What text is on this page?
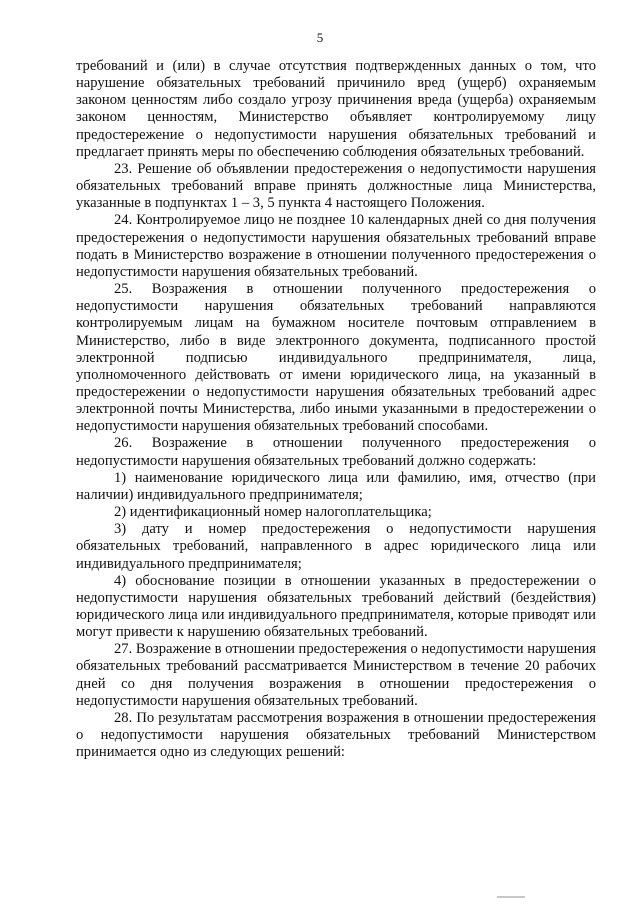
5

требований и (или) в случае отсутствия подтвержденных данных о том, что нарушение обязательных требований причинило вред (ущерб) охраняемым законом ценностям либо создало угрозу причинения вреда (ущерба) охраняемым законом ценностям, Министерство объявляет контролируемому лицу предостережение о недопустимости нарушения обязательных требований и предлагает принять меры по обеспечению соблюдения обязательных требований.

23. Решение об объявлении предостережения о недопустимости нарушения обязательных требований вправе принять должностные лица Министерства, указанные в подпунктах 1 – 3, 5 пункта 4 настоящего Положения.

24. Контролируемое лицо не позднее 10 календарных дней со дня получения предостережения о недопустимости нарушения обязательных требований вправе подать в Министерство возражение в отношении полученного предостережения о недопустимости нарушения обязательных требований.

25. Возражения в отношении полученного предостережения о недопустимости нарушения обязательных требований направляются контролируемым лицам на бумажном носителе почтовым отправлением в Министерство, либо в виде электронного документа, подписанного простой электронной подписью индивидуального предпринимателя, лица, уполномоченного действовать от имени юридического лица, на указанный в предостережении о недопустимости нарушения обязательных требований адрес электронной почты Министерства, либо иными указанными в предостережении о недопустимости нарушения обязательных требований способами.

26. Возражение в отношении полученного предостережения о недопустимости нарушения обязательных требований должно содержать:

1) наименование юридического лица или фамилию, имя, отчество (при наличии) индивидуального предпринимателя;

2) идентификационный номер налогоплательщика;

3) дату и номер предостережения о недопустимости нарушения обязательных требований, направленного в адрес юридического лица или индивидуального предпринимателя;

4) обоснование позиции в отношении указанных в предостережении о недопустимости нарушения обязательных требований действий (бездействия) юридического лица или индивидуального предпринимателя, которые приводят или могут привести к нарушению обязательных требований.

27. Возражение в отношении предостережения о недопустимости нарушения обязательных требований рассматривается Министерством в течение 20 рабочих дней со дня получения возражения в отношении предостережения о недопустимости нарушения обязательных требований.

28. По результатам рассмотрения возражения в отношении предостережения о недопустимости нарушения обязательных требований Министерством принимается одно из следующих решений:
